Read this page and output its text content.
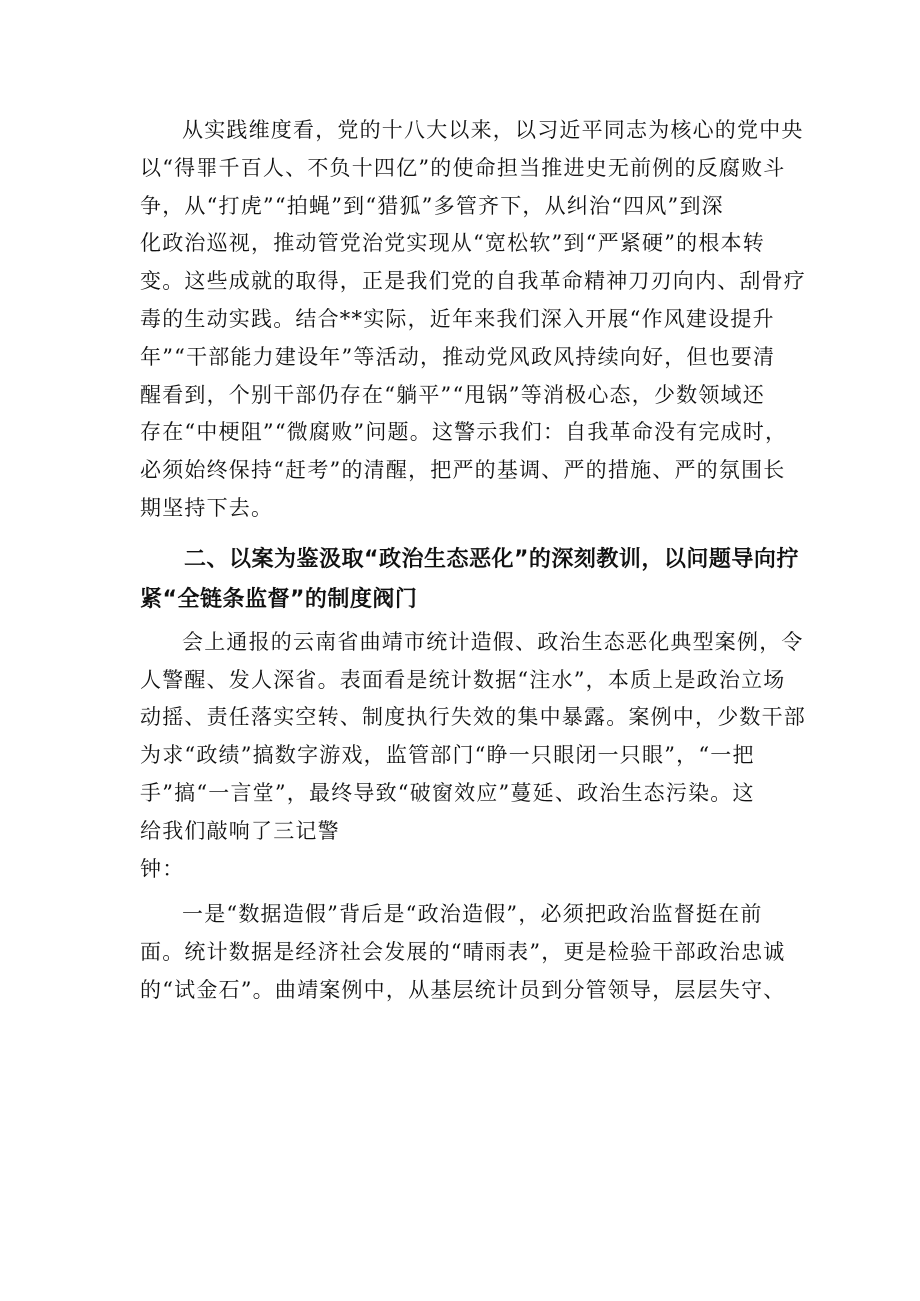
从实践维度看，党的十八大以来，以习近平同志为核心的党中央
以“得罪千百人、不负十四亿”的使命担当推进史无前例的反腐败斗
争，从“打虎”“拍蝇”到“猎狐”多管齐下，从纠治“四风”到深
化政治巡视，推动管党治党实现从“宽松软”到“严紧硬”的根本转
变。这些成就的取得，正是我们党的自我革命精神刀刃向内、刮骨疗
毒的生动实践。结合**实际，近年来我们深入开展“作风建设提升
年”“干部能力建设年”等活动，推动党风政风持续向好，但也要清
醒看到，个别干部仍存在“躺平”“甩锅”等消极心态，少数领域还
存在“中梗阻”“微腐败”问题。这警示我们：自我革命没有完成时，
必须始终保持“赶考”的清醒，把严的基调、严的措施、严的氛围长
期坚持下去。

二、以案为鉴汲取“政治生态恶化”的深刻教训，以问题导向拧
紧“全链条监督”的制度阀门

会上通报的云南省曲靖市统计造假、政治生态恶化典型案例，令
人警醒、发人深省。表面看是统计数据“注水”，本质上是政治立场
动摇、责任落实空转、制度执行失效的集中暴露。案例中，少数干部
为求“政绩”搞数字游戏，监管部门“睁一只眼闭一只眼”，“一把
手”搞“一言堂”，最终导致“破窗效应”蔓延、政治生态污染。这
给我们敲响了三记警
钟：

一是“数据造假”背后是“政治造假”，必须把政治监督挺在前
面。统计数据是经济社会发展的“晴雨表”，更是检验干部政治忠诚
的“试金石”。曲靖案例中，从基层统计员到分管领导，层层失守、
